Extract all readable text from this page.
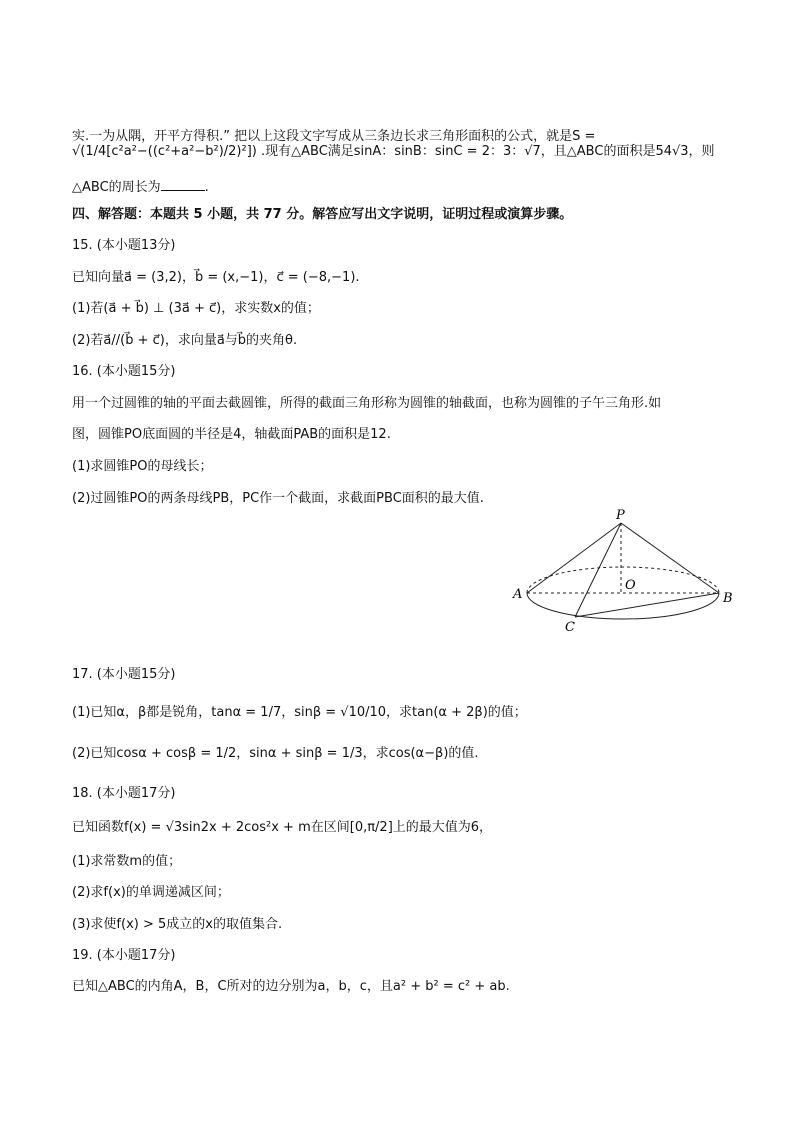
实.一为从隅，开平方得积.” 把以上这段文字写成从三条边长求三角形面积的公式，就是S =
√(1/4[c²a²−((c²+a²−b²)/2)²]) .现有△ABC满足sinA：sinB：sinC = 2：3：√7，且△ABC的面积是54√3，则
△ABC的周长为	.
四、解答题：本题共 5 小题，共 77 分。解答应写出文字说明，证明过程或演算步骤。
15. (本小题13分)
已知向量a⃗ = (3,2)，b⃗ = (x,−1)，c⃗ = (−8,−1).
(1)若(a⃗ + b⃗) ⊥ (3a⃗ + c⃗)，求实数x的值；
(2)若a⃗//(b⃗ + c⃗)，求向量a⃗与b⃗的夹角θ.
16. (本小题15分)
用一个过圆锥的轴的平面去截圆锥，所得的截面三角形称为圆锥的轴截面，也称为圆锥的子午三角形.如
图，圆锥PO底面圆的半径是4，轴截面PAB的面积是12.
(1)求圆锥PO的母线长；
(2)过圆锥PO的两条母线PB，PC作一个截面，求截面PBC面积的最大值.
P
O
A	B
C
17. (本小题15分)
(1)已知α，β都是锐角，tanα = 1/7，sinβ = √10/10，求tan(α + 2β)的值；
(2)已知cosα + cosβ = 1/2，sinα + sinβ = 1/3，求cos(α−β)的值.
18. (本小题17分)
已知函数f(x) = √3sin2x + 2cos²x + m在区间[0,π/2]上的最大值为6，
(1)求常数m的值；
(2)求f(x)的单调递减区间；
(3)求使f(x) > 5成立的x的取值集合.
19. (本小题17分)
已知△ABC的内角A，B，C所对的边分别为a，b，c，且a² + b² = c² + ab.
